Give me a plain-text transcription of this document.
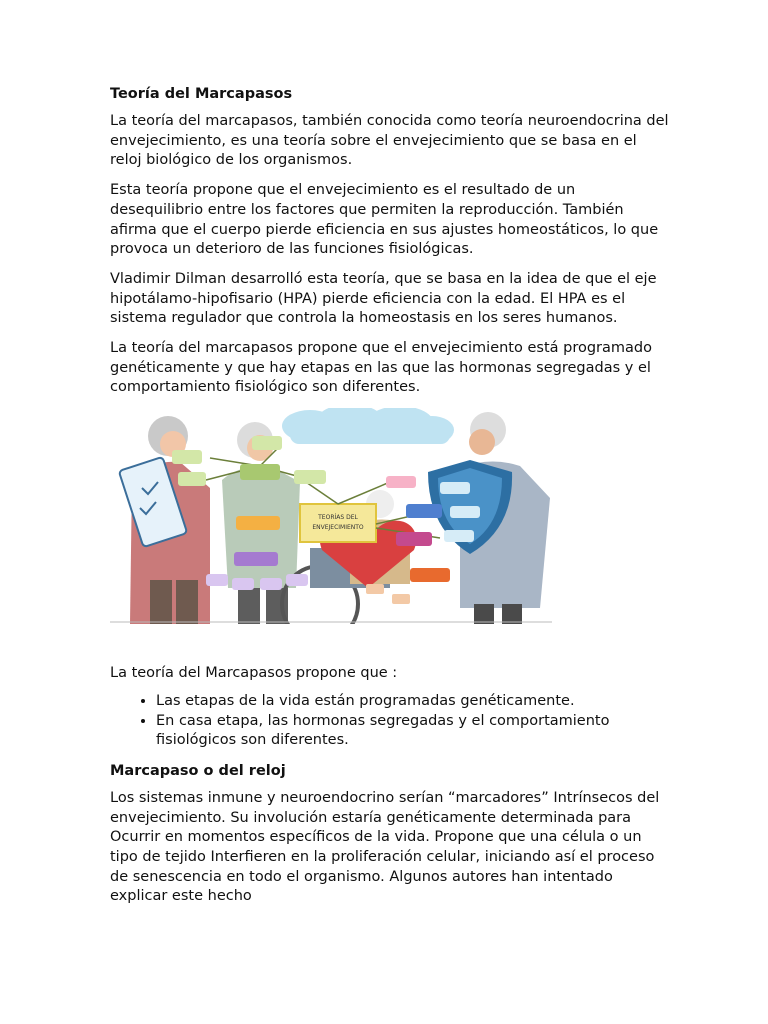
Teoría del Marcapasos

La teoría del marcapasos, también conocida como teoría neuroendocrina del envejecimiento, es una teoría sobre el envejecimiento que se basa en el reloj biológico de los organismos.

Esta teoría propone que el envejecimiento es el resultado de un desequilibrio entre los factores que permiten la reproducción. También afirma que el cuerpo pierde eficiencia en sus ajustes homeostáticos, lo que provoca un deterioro de las funciones fisiológicas.

Vladimir Dilman desarrolló esta teoría, que se basa en la idea de que el eje hipotálamo-hipofisario (HPA) pierde eficiencia con la edad. El HPA es el sistema regulador que controla la homeostasis en los seres humanos.

La teoría del marcapasos propone que el envejecimiento está programado genéticamente y que hay etapas en las que las hormonas segregadas y el comportamiento fisiológico son diferentes.

TEORÍAS DEL
ENVEJECIMIENTO

La teoría del Marcapasos propone que :

• Las etapas de la vida están programadas genéticamente.
• En casa etapa, las hormonas segregadas y el comportamiento fisiológicos son diferentes.
Marcapaso o del reloj

Los sistemas inmune y neuroendocrino serían “marcadores” Intrínsecos del envejecimiento. Su involución estaría genéticamente determinada para Ocurrir en momentos específicos de la vida. Propone que una célula o un tipo de tejido Interfieren en la proliferación celular, iniciando así el proceso de senescencia en todo el organismo. Algunos autores han intentado explicar este hecho
